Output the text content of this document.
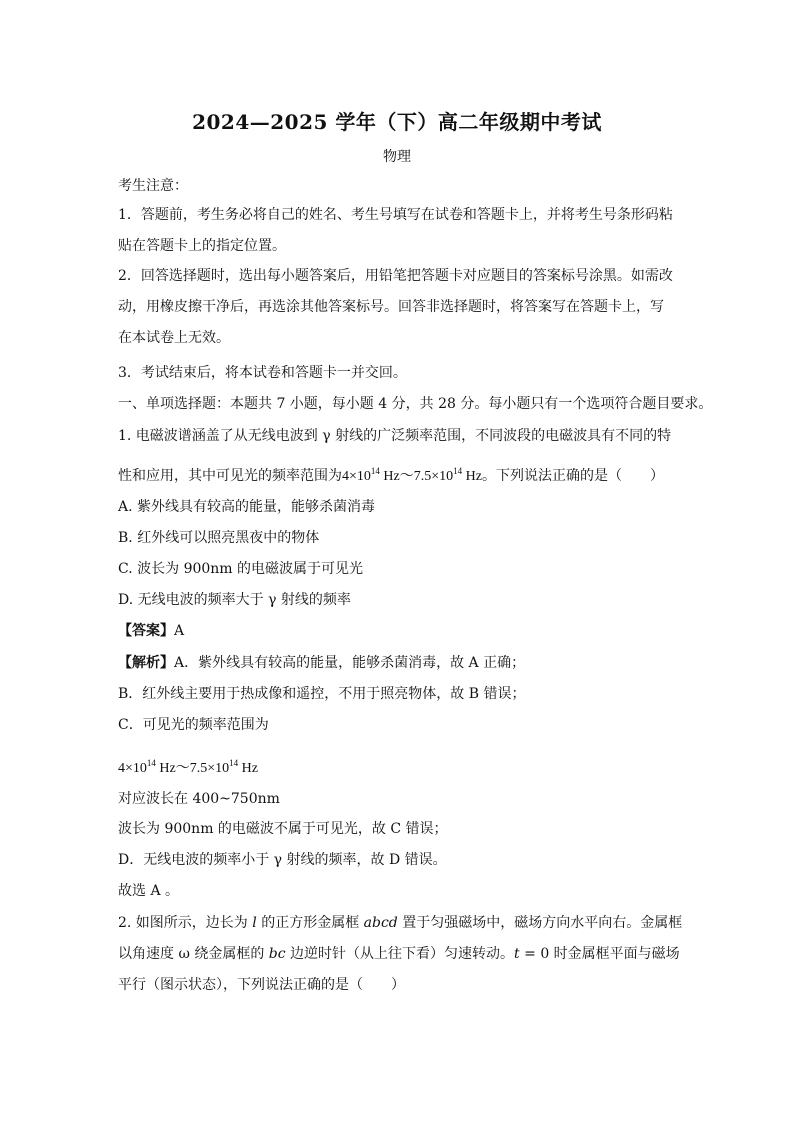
2024—2025 学年（下）高二年级期中考试
物理
考生注意：
1．答题前，考生务必将自己的姓名、考生号填写在试卷和答题卡上，并将考生号条形码粘
贴在答题卡上的指定位置。
2．回答选择题时，选出每小题答案后，用铅笔把答题卡对应题目的答案标号涂黑。如需改
动，用橡皮擦干净后，再选涂其他答案标号。回答非选择题时，将答案写在答题卡上，写
在本试卷上无效。
3．考试结束后，将本试卷和答题卡一并交回。
一、单项选择题：本题共 7 小题，每小题 4 分，共 28 分。每小题只有一个选项符合题目要求。
1. 电磁波谱涵盖了从无线电波到 γ 射线的广泛频率范围，不同波段的电磁波具有不同的特
性和应用，其中可见光的频率范围为$4\times 10^{14}$ $Hz\sim 7.5\times 10^{14}$ Hz。下列说法正确的是（　　）
A. 紫外线具有较高的能量，能够杀菌消毒
B. 红外线可以照亮黑夜中的物体
C. 波长为 900nm 的电磁波属于可见光
D. 无线电波的频率大于 γ 射线的频率
【答案】A
【解析】A．紫外线具有较高的能量，能够杀菌消毒，故 A 正确；
B．红外线主要用于热成像和遥控，不用于照亮物体，故 B 错误；
C．可见光的频率范围为
$4\times 10^{14}$ $Hz\sim 7.5\times 10^{14}$ Hz
对应波长在 400~750nm
波长为 900nm 的电磁波不属于可见光，故 C 错误；
D．无线电波的频率小于 γ 射线的频率，故 D 错误。
故选 A 。
2. 如图所示，边长为 l 的正方形金属框 abcd 置于匀强磁场中，磁场方向水平向右。金属框
以角速度 ω 绕金属框的 bc 边逆时针（从上往下看）匀速转动。t = 0 时金属框平面与磁场
平行（图示状态），下列说法正确的是（　　）
